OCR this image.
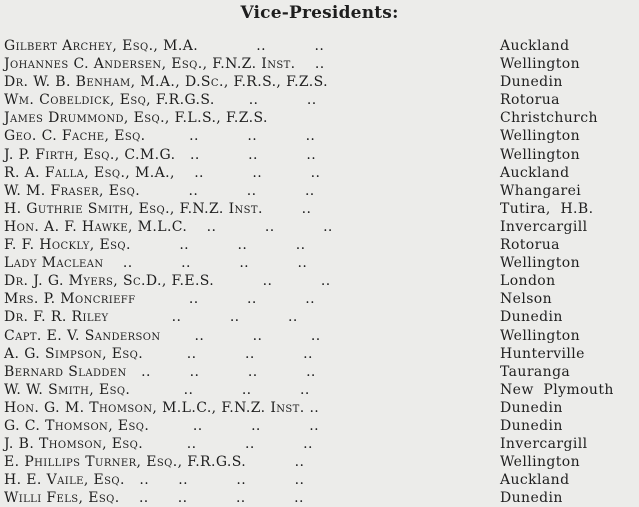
Vice-Presidents:
Gilbert Archey, Esq., M.A.            ..          ..	Auckland
Johannes C. Andersen, Esq., F.N.Z. Inst.    ..	Wellington
Dr. W. B. Benham, M.A., D.Sc., F.R.S., F.Z.S.	Dunedin
Wm. Cobeldick, Esq, F.R.G.S.       ..          ..	Rotorua
James Drummond, Esq., F.L.S., F.Z.S.	Christchurch
Geo. C. Fache, Esq.         ..          ..          ..	Wellington
J. P. Firth, Esq., C.M.G.   ..          ..          ..	Wellington
R. A. Falla, Esq., M.A.,    ..          ..          ..	Auckland
W. M. Fraser, Esq.          ..          ..          ..	Whangarei
H. Guthrie Smith, Esq., F.N.Z. Inst.        ..	Tutira,  H.B.
Hon. A. F. Hawke, M.L.C.    ..          ..          ..	Invercargill
F. F. Hockly, Esq.          ..          ..          ..	Rotorua
Lady Maclean    ..          ..          ..          ..	Wellington
Dr. J. G. Myers, Sc.D., F.E.S.          ..          ..	London
Mrs. P. Moncrieff           ..          ..          ..	Nelson
Dr. F. R. Riley             ..          ..          ..	Dunedin
Capt. E. V. Sanderson       ..          ..          ..	Wellington
A. G. Simpson, Esq.         ..          ..          ..	Hunterville
Bernard Sladden   ..        ..          ..          ..	Tauranga
W. W. Smith, Esq.           ..          ..          ..	New  Plymouth
Hon. G. M. Thomson, M.L.C., F.N.Z. Inst. ..	Dunedin
G. C. Thomson, Esq.         ..          ..          ..	Dunedin
J. B. Thomson, Esq.         ..          ..          ..	Invercargill
E. Phillips Turner, Esq., F.R.G.S.          ..	Wellington
H. E. Vaile, Esq.   ..      ..          ..          ..	Auckland
Willi Fels, Esq.    ..      ..          ..          ..	Dunedin
